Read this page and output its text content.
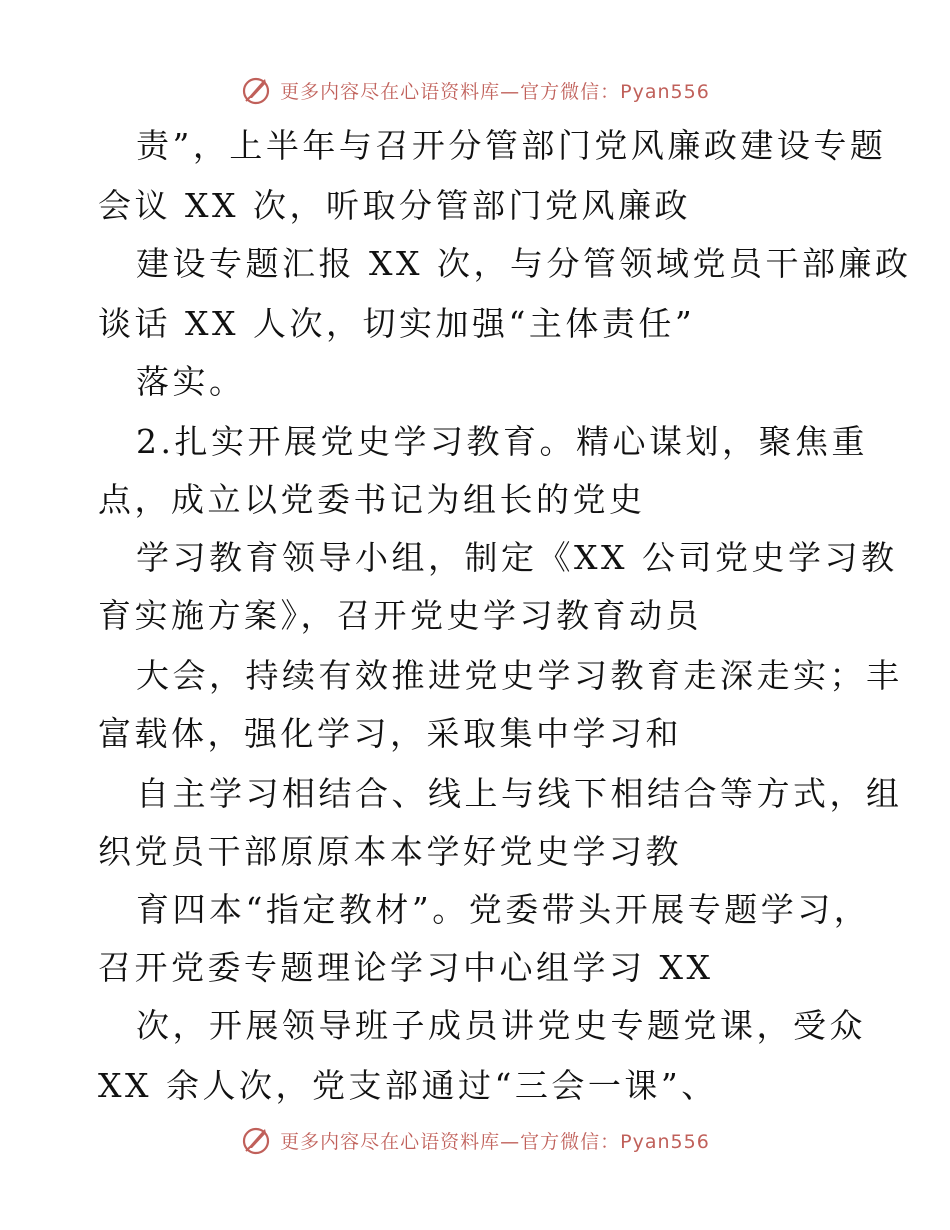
更多内容尽在心语资料库—官方微信：Pyan556
责”，上半年与召开分管部门党风廉政建设专题
会议 XX 次，听取分管部门党风廉政
建设专题汇报 XX 次，与分管领域党员干部廉政
谈话 XX 人次，切实加强“主体责任”
落实。
2.扎实开展党史学习教育。精心谋划，聚焦重
点，成立以党委书记为组长的党史
学习教育领导小组，制定《XX 公司党史学习教
育实施方案》，召开党史学习教育动员
大会，持续有效推进党史学习教育走深走实；丰
富载体，强化学习，采取集中学习和
自主学习相结合、线上与线下相结合等方式，组
织党员干部原原本本学好党史学习教
育四本“指定教材”。党委带头开展专题学习，
召开党委专题理论学习中心组学习 XX
次，开展领导班子成员讲党史专题党课，受众
XX 余人次，党支部通过“三会一课”、
更多内容尽在心语资料库—官方微信：Pyan556
